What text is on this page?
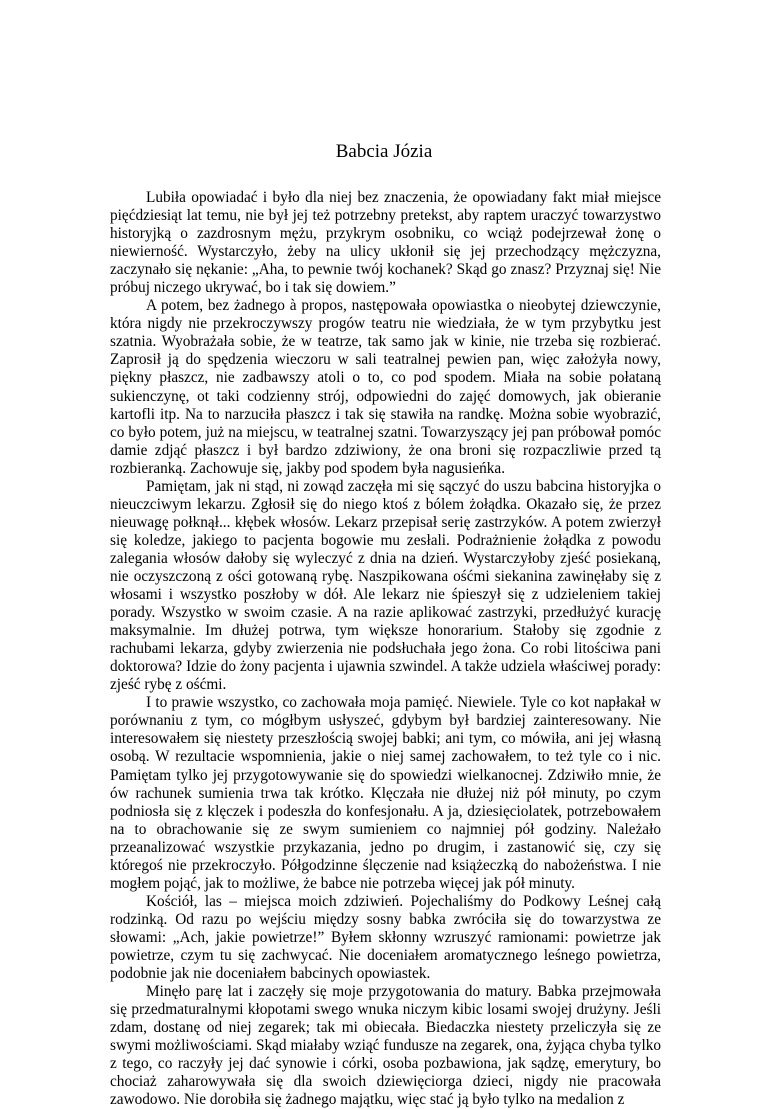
Babcia Józia

Lubiła opowiadać i było dla niej bez znaczenia, że opowiadany fakt miał miejsce pięćdziesiąt lat temu, nie był jej też potrzebny pretekst, aby raptem uraczyć towarzystwo historyjką o zazdrosnym mężu, przykrym osobniku, co wciąż podejrzewał żonę o niewierność. Wystarczyło, żeby na ulicy ukłonił się jej przechodzący mężczyzna, zaczynało się nękanie: „Aha, to pewnie twój kochanek? Skąd go znasz? Przyznaj się! Nie próbuj niczego ukrywać, bo i tak się dowiem.”

A potem, bez żadnego à propos, następowała opowiastka o nieobytej dziewczynie, która nigdy nie przekroczywszy progów teatru nie wiedziała, że w tym przybytku jest szatnia. Wyobrażała sobie, że w teatrze, tak samo jak w kinie, nie trzeba się rozbierać. Zaprosił ją do spędzenia wieczoru w sali teatralnej pewien pan, więc założyła nowy, piękny płaszcz, nie zadbawszy atoli o to, co pod spodem. Miała na sobie połataną sukienczynę, ot taki codzienny strój, odpowiedni do zajęć domowych, jak obieranie kartofli itp. Na to narzuciła płaszcz i tak się stawiła na randkę. Można sobie wyobrazić, co było potem, już na miejscu, w teatralnej szatni. Towarzyszący jej pan próbował pomóc damie zdjąć płaszcz i był bardzo zdziwiony, że ona broni się rozpaczliwie przed tą rozbieranką. Zachowuje się, jakby pod spodem była nagusieńka.

Pamiętam, jak ni stąd, ni zowąd zaczęła mi się sączyć do uszu babcina historyjka o nieuczciwym lekarzu. Zgłosił się do niego ktoś z bólem żołądka. Okazało się, że przez nieuwagę połknął... kłębek włosów. Lekarz przepisał serię zastrzyków. A potem zwierzył się koledze, jakiego to pacjenta bogowie mu zesłali. Podrażnienie żołądka z powodu zalegania włosów dałoby się wyleczyć z dnia na dzień. Wystarczyłoby zjeść posiekaną, nie oczyszczoną z ości gotowaną rybę. Naszpikowana ośćmi siekanina zawinęłaby się z włosami i wszystko poszłoby w dół. Ale lekarz nie śpieszył się z udzieleniem takiej porady. Wszystko w swoim czasie. A na razie aplikować zastrzyki, przedłużyć kurację maksymalnie. Im dłużej potrwa, tym większe honorarium. Stałoby się zgodnie z rachubami lekarza, gdyby zwierzenia nie podsłuchała jego żona. Co robi litościwa pani doktorowa? Idzie do żony pacjenta i ujawnia szwindel. A także udziela właściwej porady: zjeść rybę z ośćmi.

I to prawie wszystko, co zachowała moja pamięć. Niewiele. Tyle co kot napłakał w porównaniu z tym, co mógłbym usłyszeć, gdybym był bardziej zainteresowany. Nie interesowałem się niestety przeszłością swojej babki; ani tym, co mówiła, ani jej własną osobą. W rezultacie wspomnienia, jakie o niej samej zachowałem, to też tyle co i nic. Pamiętam tylko jej przygotowywanie się do spowiedzi wielkanocnej. Zdziwiło mnie, że ów rachunek sumienia trwa tak krótko. Klęczała nie dłużej niż pół minuty, po czym podniosła się z klęczek i podeszła do konfesjonału. A ja, dziesięciolatek, potrzebowałem na to obrachowanie się ze swym sumieniem co najmniej pół godziny. Należało przeanalizować wszystkie przykazania, jedno po drugim, i zastanowić się, czy się któregoś nie przekroczyło. Półgodzinne ślęczenie nad książeczką do nabożeństwa. I nie mogłem pojąć, jak to możliwe, że babce nie potrzeba więcej jak pół minuty.

Kościół, las – miejsca moich zdziwień. Pojechaliśmy do Podkowy Leśnej całą rodzinką. Od razu po wejściu między sosny babka zwróciła się do towarzystwa ze słowami: „Ach, jakie powietrze!” Byłem skłonny wzruszyć ramionami: powietrze jak powietrze, czym tu się zachwycać. Nie doceniałem aromatycznego leśnego powietrza, podobnie jak nie doceniałem babcinych opowiastek.

Minęło parę lat i zaczęły się moje przygotowania do matury. Babka przejmowała się przedmaturalnymi kłopotami swego wnuka niczym kibic losami swojej drużyny. Jeśli zdam, dostanę od niej zegarek; tak mi obiecała. Biedaczka niestety przeliczyła się ze swymi możliwościami. Skąd miałaby wziąć fundusze na zegarek, ona, żyjąca chyba tylko z tego, co raczyły jej dać synowie i córki, osoba pozbawiona, jak sądzę, emerytury, bo chociaż zaharowywała się dla swoich dziewięciorga dzieci, nigdy nie pracowała zawodowo. Nie dorobiła się żadnego majątku, więc stać ją było tylko na medalion z
